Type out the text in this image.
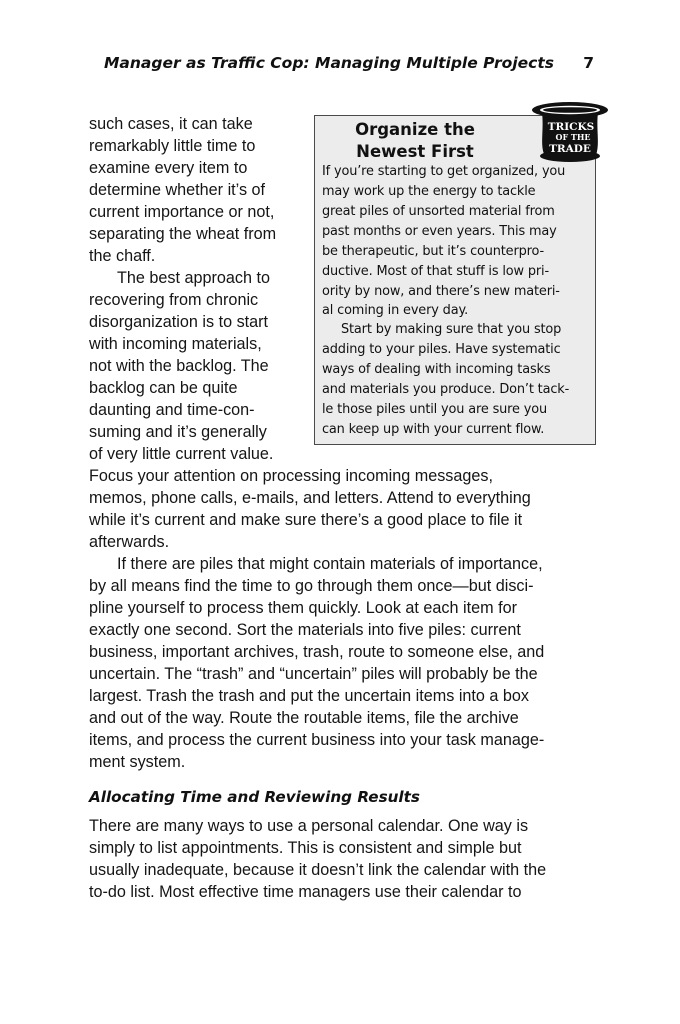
Manager as Traffic Cop: Managing Multiple Projects 7
such cases, it can take
remarkably little time to
examine every item to
determine whether it’s of
current importance or not,
separating the wheat from
the chaff.
The best approach to
recovering from chronic
disorganization is to start
with incoming materials,
not with the backlog. The
backlog can be quite
daunting and time-con-
suming and it’s generally
of very little current value.
Focus your attention on processing incoming messages,
memos, phone calls, e-mails, and letters. Attend to everything
while it’s current and make sure there’s a good place to file it
afterwards.
If there are piles that might contain materials of importance,
by all means find the time to go through them once—but disci-
pline yourself to process them quickly. Look at each item for
exactly one second. Sort the materials into five piles: current
business, important archives, trash, route to someone else, and
uncertain. The “trash” and “uncertain” piles will probably be the
largest. Trash the trash and put the uncertain items into a box
and out of the way. Route the routable items, file the archive
items, and process the current business into your task manage-
ment system.
Allocating Time and Reviewing Results
There are many ways to use a personal calendar. One way is
simply to list appointments. This is consistent and simple but
usually inadequate, because it doesn’t link the calendar with the
to-do list. Most effective time managers use their calendar to
Organize the
Newest First
If you’re starting to get organized, you
may work up the energy to tackle
great piles of unsorted material from
past months or even years. This may
be therapeutic, but it’s counterpro-
ductive. Most of that stuff is low pri-
ority by now, and there’s new materi-
al coming in every day.
Start by making sure that you stop
adding to your piles. Have systematic
ways of dealing with incoming tasks
and materials you produce. Don’t tack-
le those piles until you are sure you
can keep up with your current flow.
TRICKS
OF THE
TRADE
